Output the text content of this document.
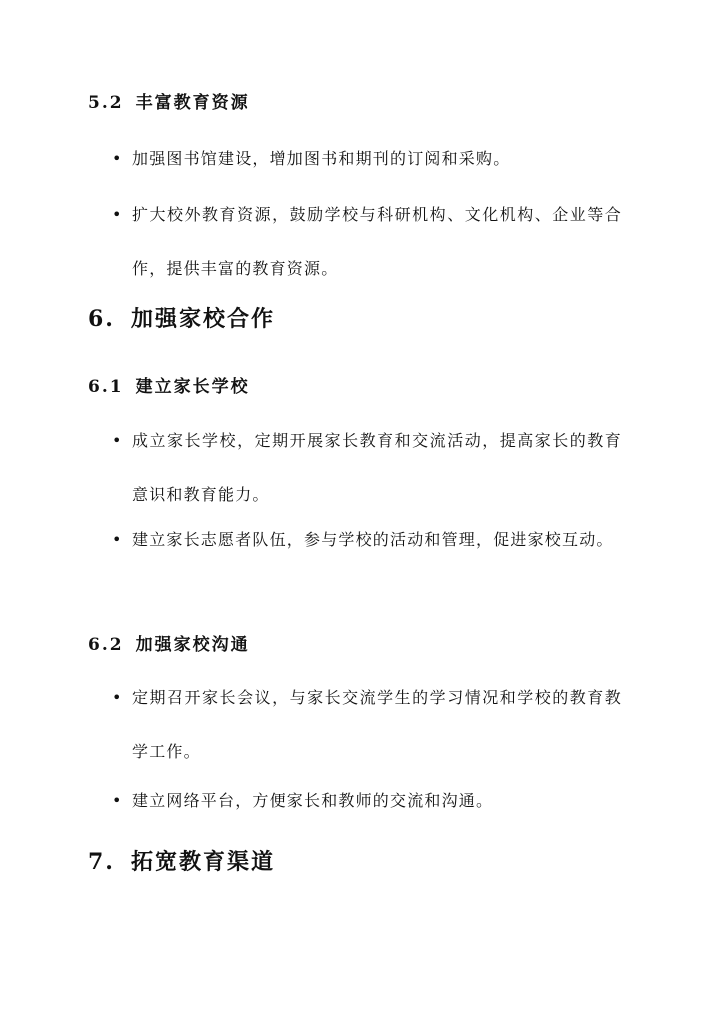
5.2 丰富教育资源
• 加强图书馆建设，增加图书和期刊的订阅和采购。
• 扩大校外教育资源，鼓励学校与科研机构、文化机构、企业等合作，提供丰富的教育资源。
6. 加强家校合作
6.1 建立家长学校
• 成立家长学校，定期开展家长教育和交流活动，提高家长的教育意识和教育能力。
• 建立家长志愿者队伍，参与学校的活动和管理，促进家校互动。
6.2 加强家校沟通
• 定期召开家长会议，与家长交流学生的学习情况和学校的教育教学工作。
• 建立网络平台，方便家长和教师的交流和沟通。
7. 拓宽教育渠道
